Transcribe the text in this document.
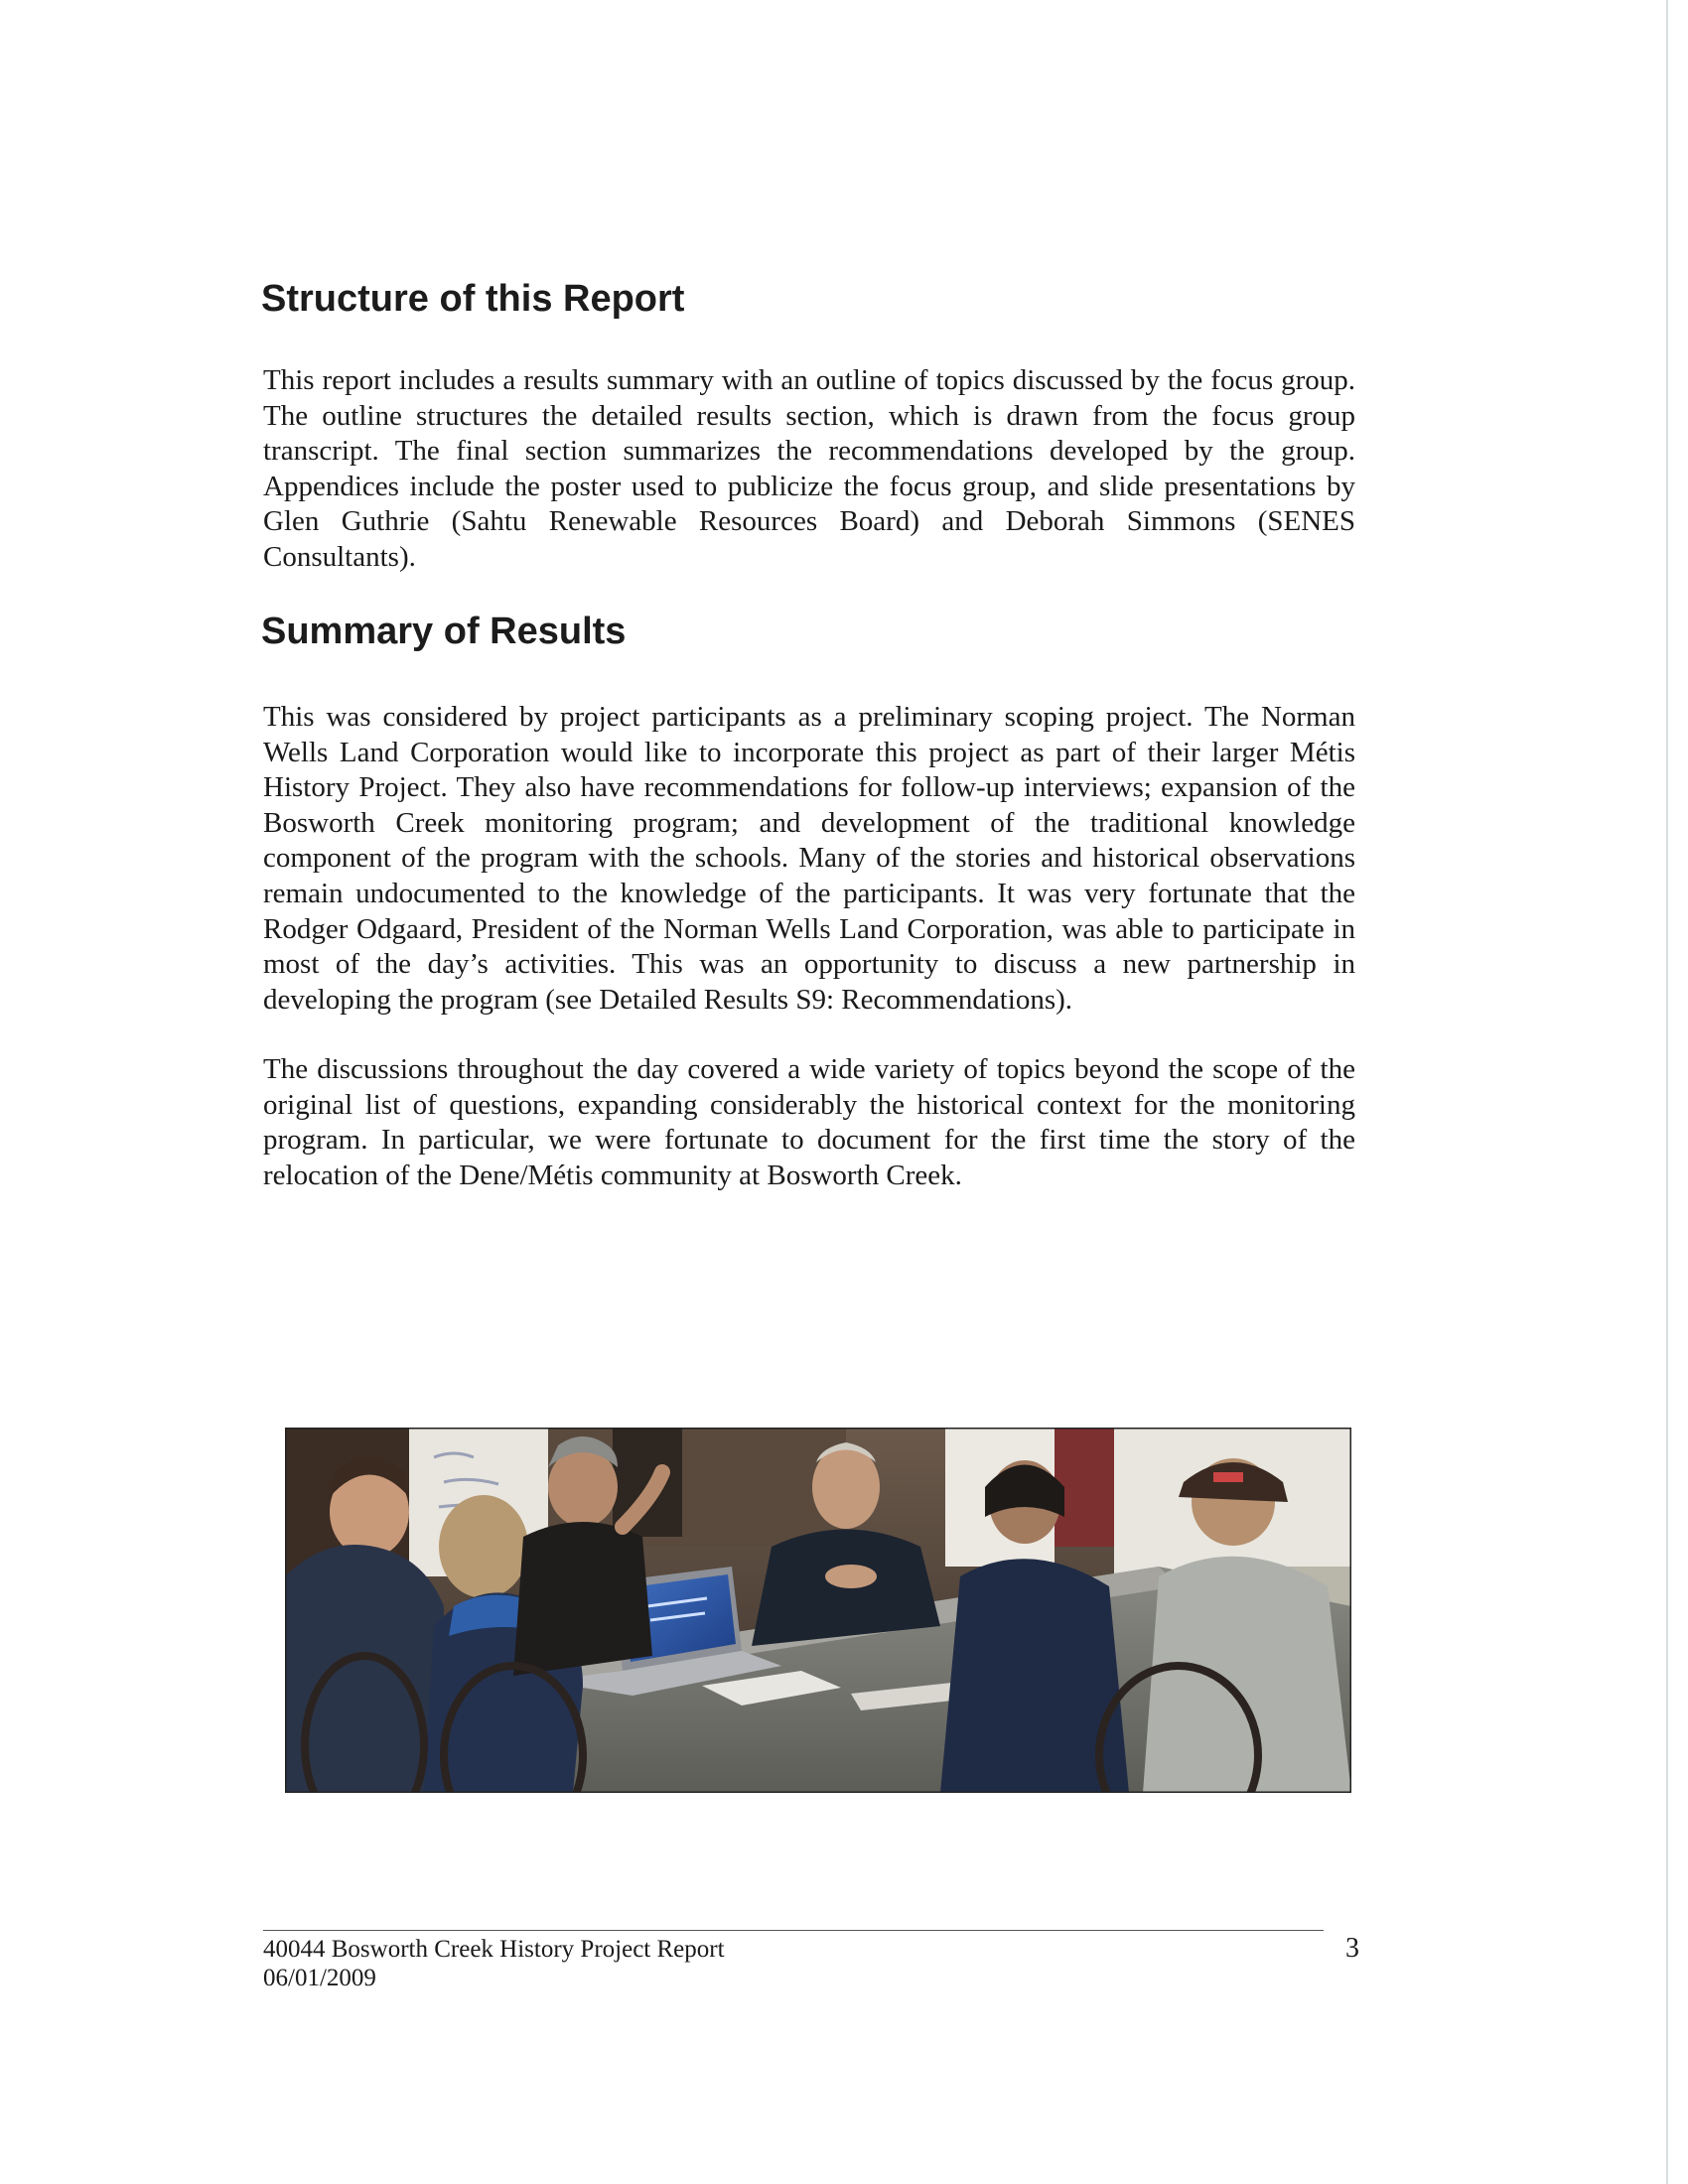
Structure of this Report

This report includes a results summary with an outline of topics discussed by the focus group. The outline structures the detailed results section, which is drawn from the focus group transcript. The final section summarizes the recommendations developed by the group. Appendices include the poster used to publicize the focus group, and slide presentations by Glen Guthrie (Sahtu Renewable Resources Board) and Deborah Simmons (SENES Consultants).

Summary of Results

This was considered by project participants as a preliminary scoping project. The Norman Wells Land Corporation would like to incorporate this project as part of their larger Métis History Project. They also have recommendations for follow-up interviews; expansion of the Bosworth Creek monitoring program; and development of the traditional knowledge component of the program with the schools. Many of the stories and historical observations remain undocumented to the knowledge of the participants. It was very fortunate that the Rodger Odgaard, President of the Norman Wells Land Corporation, was able to participate in most of the day’s activities. This was an opportunity to discuss a new partnership in developing the program (see Detailed Results S9: Recommendations).

The discussions throughout the day covered a wide variety of topics beyond the scope of the original list of questions, expanding considerably the historical context for the monitoring program. In particular, we were fortunate to document for the first time the story of the relocation of the Dene/Métis community at Bosworth Creek.

40044 Bosworth Creek History Project Report
06/01/2009
3
